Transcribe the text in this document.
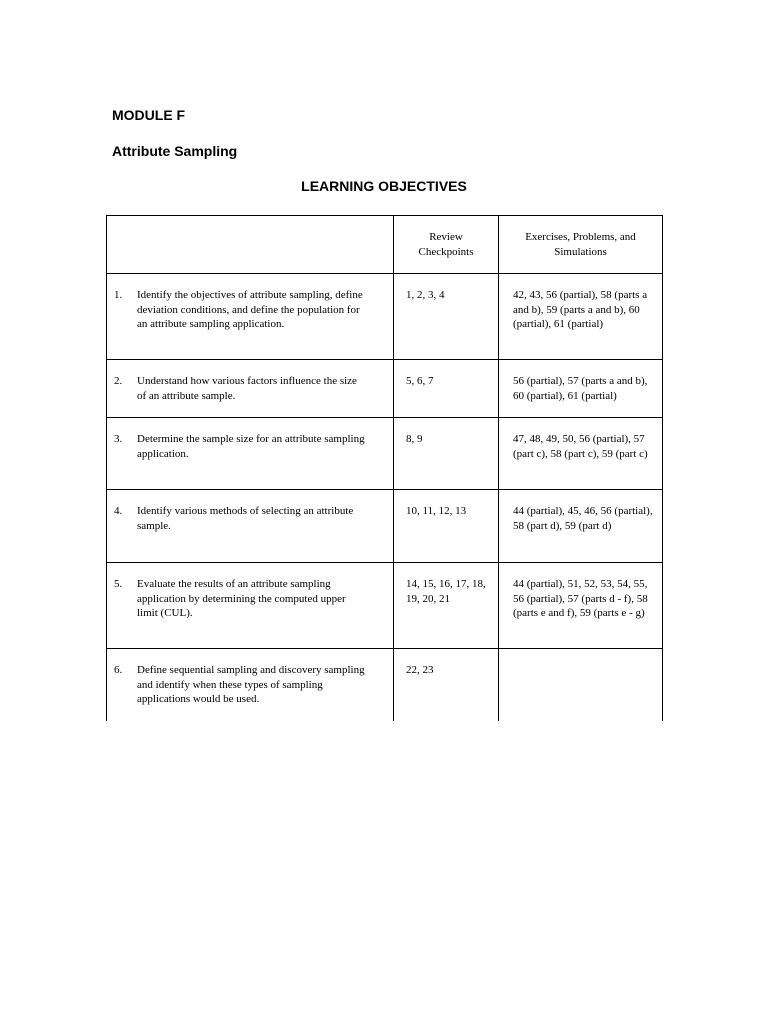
MODULE F
Attribute Sampling
LEARNING OBJECTIVES
	Review Checkpoints	Exercises, Problems, and Simulations
1. Identify the objectives of attribute sampling, define deviation conditions, and define the population for an attribute sampling application.	1, 2, 3, 4	42, 43, 56 (partial), 58 (parts a and b), 59 (parts a and b), 60 (partial), 61 (partial)
2. Understand how various factors influence the size of an attribute sample.	5, 6, 7	56 (partial), 57 (parts a and b), 60 (partial), 61 (partial)
3. Determine the sample size for an attribute sampling application.	8, 9	47, 48, 49, 50, 56 (partial), 57 (part c), 58 (part c), 59 (part c)
4. Identify various methods of selecting an attribute sample.	10, 11, 12, 13	44 (partial), 45, 46, 56 (partial), 58 (part d), 59 (part d)
5. Evaluate the results of an attribute sampling application by determining the computed upper limit (CUL).	14, 15, 16, 17, 18, 19, 20, 21	44 (partial), 51, 52, 53, 54, 55, 56 (partial), 57 (parts d - f), 58 (parts e and f), 59 (parts e - g)
6. Define sequential sampling and discovery sampling and identify when these types of sampling applications would be used.	22, 23	
